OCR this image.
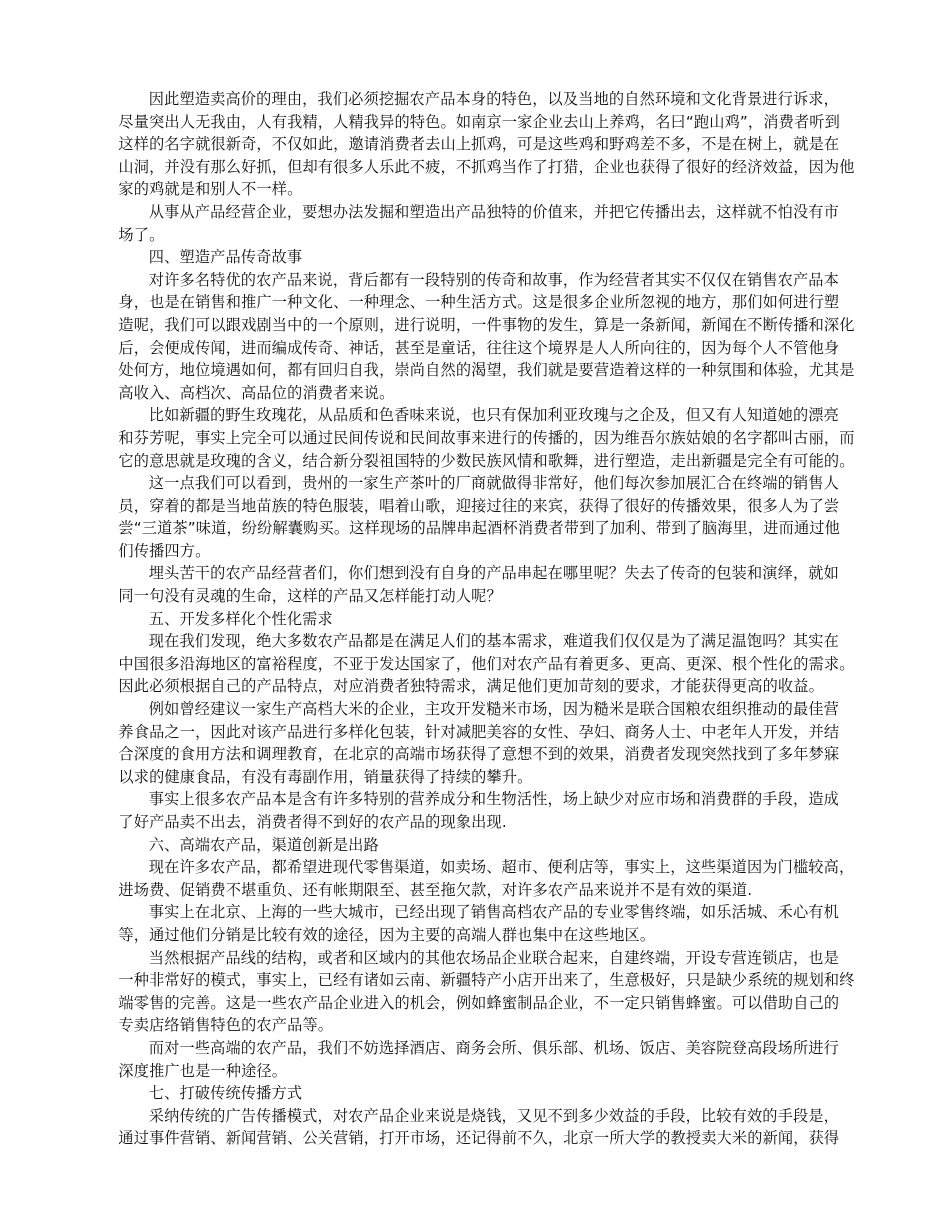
因此塑造卖高价的理由，我们必须挖掘农产品本身的特色，以及当地的自然环境和文化背景进行诉求，
尽量突出人无我由，人有我精，人精我异的特色。如南京一家企业去山上养鸡，名曰“跑山鸡”，消费者听到
这样的名字就很新奇，不仅如此，邀请消费者去山上抓鸡，可是这些鸡和野鸡差不多，不是在树上，就是在
山洞，并没有那么好抓，但却有很多人乐此不疲，不抓鸡当作了打猎，企业也获得了很好的经济效益，因为他
家的鸡就是和别人不一样。
从事从产品经营企业，要想办法发掘和塑造出产品独特的价值来，并把它传播出去，这样就不怕没有市
场了。
四、塑造产品传奇故事
对许多名特优的农产品来说，背后都有一段特别的传奇和故事，作为经营者其实不仅仅在销售农产品本
身，也是在销售和推广一种文化、一种理念、一种生活方式。这是很多企业所忽视的地方，那们如何进行塑
造呢，我们可以跟戏剧当中的一个原则，进行说明，一件事物的发生，算是一条新闻，新闻在不断传播和深化
后，会便成传闻，进而编成传奇、神话，甚至是童话，往往这个境界是人人所向往的，因为每个人不管他身
处何方，地位境遇如何，都有回归自我，崇尚自然的渴望，我们就是要营造着这样的一种氛围和体验，尤其是
高收入、高档次、高品位的消费者来说。
比如新疆的野生玫瑰花，从品质和色香味来说，也只有保加利亚玫瑰与之企及，但又有人知道她的漂亮
和芬芳呢，事实上完全可以通过民间传说和民间故事来进行的传播的，因为维吾尔族姑娘的名字都叫古丽，而
它的意思就是玫瑰的含义，结合新分裂祖国特的少数民族风情和歌舞，进行塑造，走出新疆是完全有可能的。
这一点我们可以看到，贵州的一家生产茶叶的厂商就做得非常好，他们每次参加展汇合在终端的销售人
员，穿着的都是当地苗族的特色服装，唱着山歌，迎接过往的来宾，获得了很好的传播效果，很多人为了尝
尝“三道茶”味道，纷纷解囊购买。这样现场的品牌串起酒杯消费者带到了加利、带到了脑海里，进而通过他
们传播四方。
埋头苦干的农产品经营者们，你们想到没有自身的产品串起在哪里呢？失去了传奇的包装和演绎，就如
同一句没有灵魂的生命，这样的产品又怎样能打动人呢？
五、开发多样化个性化需求
现在我们发现，绝大多数农产品都是在满足人们的基本需求，难道我们仅仅是为了满足温饱吗？其实在
中国很多沿海地区的富裕程度，不亚于发达国家了，他们对农产品有着更多、更高、更深、根个性化的需求。
因此必须根据自己的产品特点，对应消费者独特需求，满足他们更加苛刻的要求，才能获得更高的收益。
例如曾经建议一家生产高档大米的企业，主攻开发糙米市场，因为糙米是联合国粮农组织推动的最佳营
养食品之一，因此对该产品进行多样化包装，针对减肥美容的女性、孕妇、商务人士、中老年人开发，并结
合深度的食用方法和调理教育，在北京的高端市场获得了意想不到的效果，消费者发现突然找到了多年梦寐
以求的健康食品，有没有毒副作用，销量获得了持续的攀升。
事实上很多农产品本是含有许多特别的营养成分和生物活性，场上缺少对应市场和消费群的手段，造成
了好产品卖不出去，消费者得不到好的农产品的现象出现.
六、高端农产品，渠道创新是出路
现在许多农产品，都希望进现代零售渠道，如卖场、超市、便利店等，事实上，这些渠道因为门槛较高，
进场费、促销费不堪重负、还有帐期限至、甚至拖欠款，对许多农产品来说并不是有效的渠道.
事实上在北京、上海的一些大城市，已经出现了销售高档农产品的专业零售终端，如乐活城、禾心有机
等，通过他们分销是比较有效的途径，因为主要的高端人群也集中在这些地区。
当然根据产品线的结构，或者和区域内的其他农场品企业联合起来，自建终端，开设专营连锁店，也是
一种非常好的模式，事实上，已经有诸如云南、新疆特产小店开出来了，生意极好，只是缺少系统的规划和终
端零售的完善。这是一些农产品企业进入的机会，例如蜂蜜制品企业，不一定只销售蜂蜜。可以借助自己的
专卖店络销售特色的农产品等。
而对一些高端的农产品，我们不妨选择酒店、商务会所、俱乐部、机场、饭店、美容院登高段场所进行
深度推广也是一种途径。
七、打破传统传播方式
采纳传统的广告传播模式，对农产品企业来说是烧钱，又见不到多少效益的手段，比较有效的手段是，
通过事件营销、新闻营销、公关营销，打开市场，还记得前不久，北京一所大学的教授卖大米的新闻，获得
